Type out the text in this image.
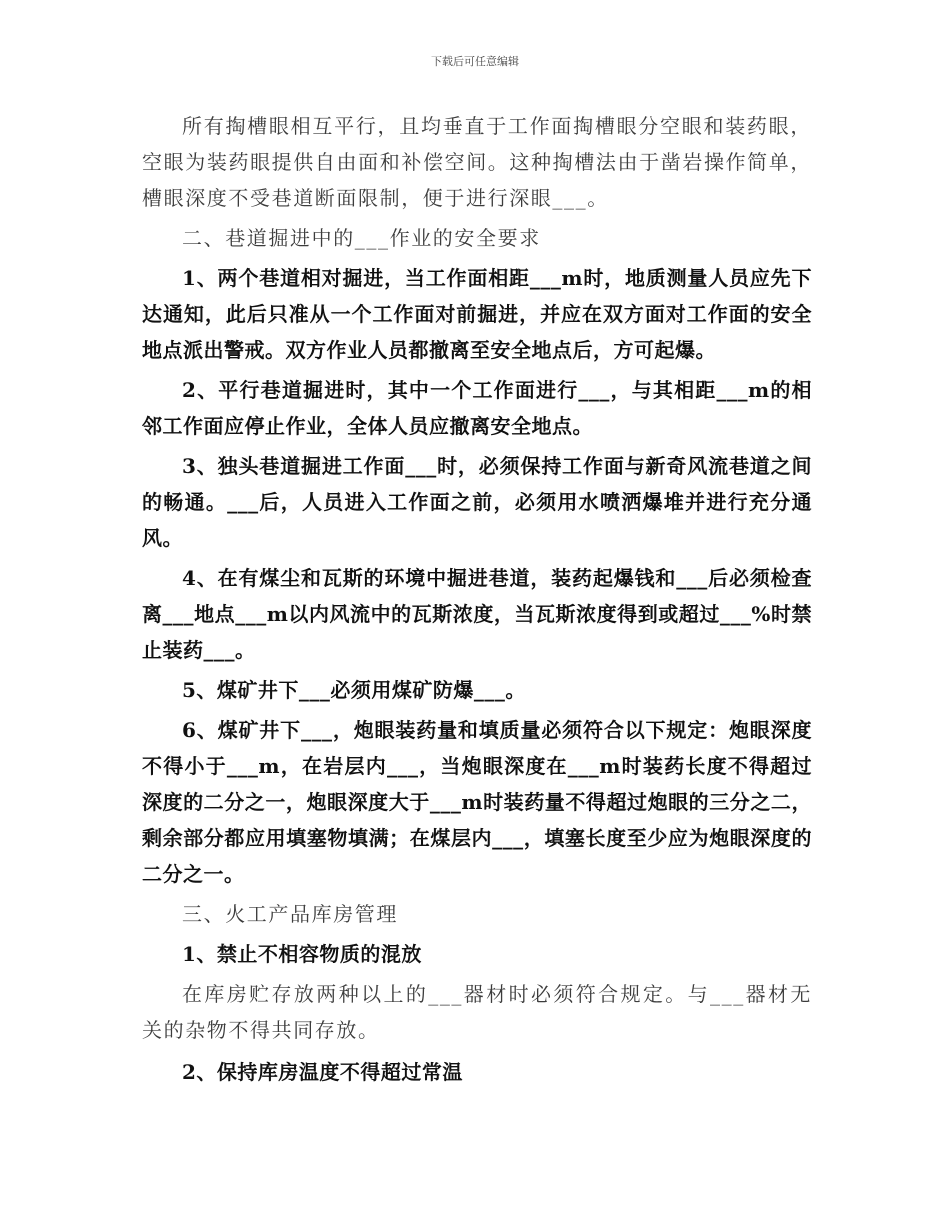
下载后可任意编辑

所有掏槽眼相互平行，且均垂直于工作面掏槽眼分空眼和装药眼，空眼为装药眼提供自由面和补偿空间。这种掏槽法由于凿岩操作简单，槽眼深度不受巷道断面限制，便于进行深眼___。

二、巷道掘进中的___作业的安全要求

1、两个巷道相对掘进，当工作面相距___m时，地质测量人员应先下达通知，此后只准从一个工作面对前掘进，并应在双方面对工作面的安全地点派出警戒。双方作业人员都撤离至安全地点后，方可起爆。

2、平行巷道掘进时，其中一个工作面进行___，与其相距___m的相邻工作面应停止作业，全体人员应撤离安全地点。

3、独头巷道掘进工作面___时，必须保持工作面与新奇风流巷道之间的畅通。___后，人员进入工作面之前，必须用水喷洒爆堆并进行充分通风。

4、在有煤尘和瓦斯的环境中掘进巷道，装药起爆钱和___后必须检查离___地点___m以内风流中的瓦斯浓度，当瓦斯浓度得到或超过___%时禁止装药___。

5、煤矿井下___必须用煤矿防爆___。

6、煤矿井下___，炮眼装药量和填质量必须符合以下规定：炮眼深度不得小于___m，在岩层内___，当炮眼深度在___m时装药长度不得超过深度的二分之一，炮眼深度大于___m时装药量不得超过炮眼的三分之二，剩余部分都应用填塞物填满；在煤层内___，填塞长度至少应为炮眼深度的二分之一。

三、火工产品库房管理

1、禁止不相容物质的混放

在库房贮存放两种以上的___器材时必须符合规定。与___器材无关的杂物不得共同存放。

2、保持库房温度不得超过常温
